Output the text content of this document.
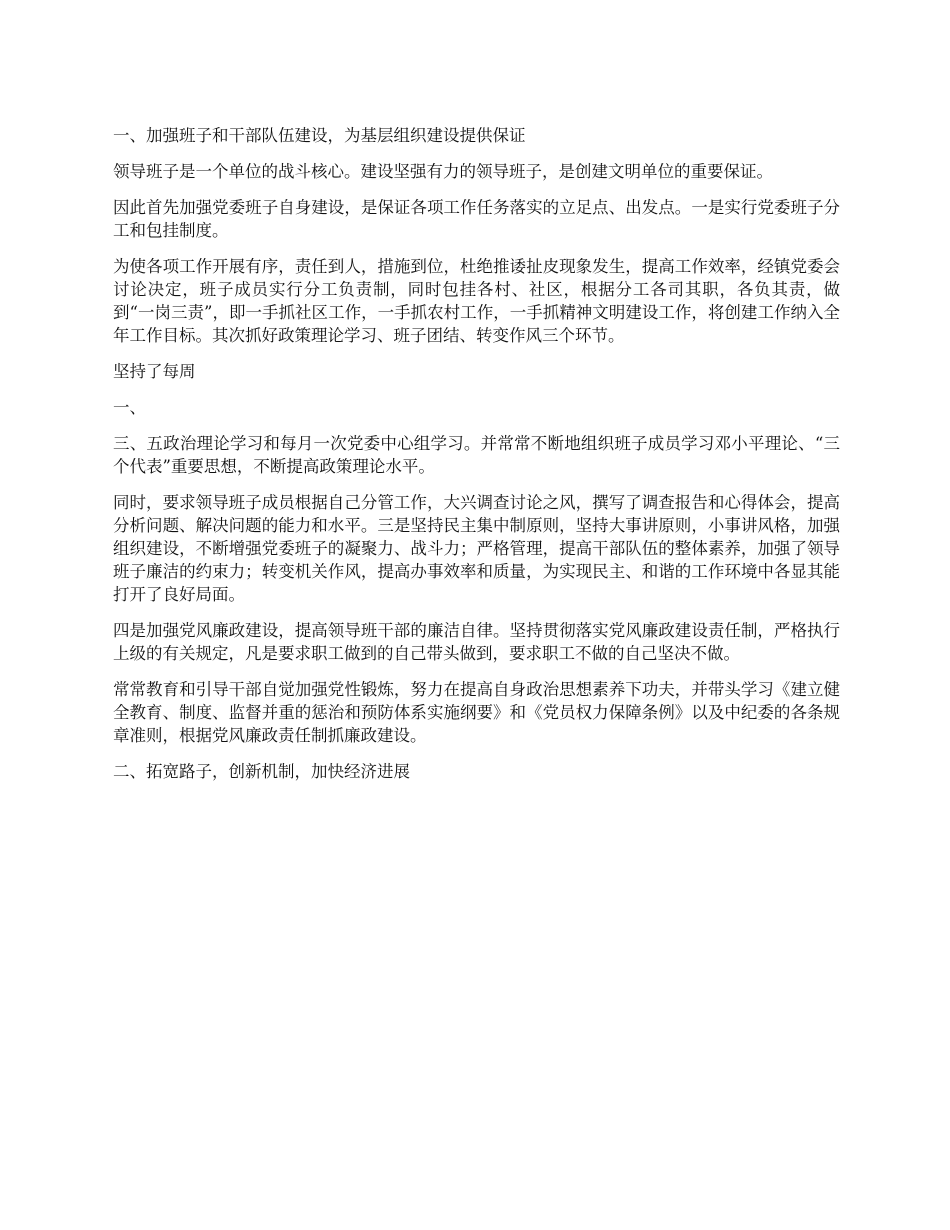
一、加强班子和干部队伍建设，为基层组织建设提供保证

领导班子是一个单位的战斗核心。建设坚强有力的领导班子，是创建文明单位的重要保证。

因此首先加强党委班子自身建设，是保证各项工作任务落实的立足点、出发点。一是实行党委班子分工和包挂制度。

为使各项工作开展有序，责任到人，措施到位，杜绝推诿扯皮现象发生，提高工作效率，经镇党委会讨论决定，班子成员实行分工负责制，同时包挂各村、社区，根据分工各司其职，各负其责，做到“一岗三责”，即一手抓社区工作，一手抓农村工作，一手抓精神文明建设工作，将创建工作纳入全年工作目标。其次抓好政策理论学习、班子团结、转变作风三个环节。

坚持了每周

一、

三、五政治理论学习和每月一次党委中心组学习。并常常不断地组织班子成员学习邓小平理论、“三个代表”重要思想，不断提高政策理论水平。

同时，要求领导班子成员根据自己分管工作，大兴调查讨论之风，撰写了调查报告和心得体会，提高分析问题、解决问题的能力和水平。三是坚持民主集中制原则，坚持大事讲原则，小事讲风格，加强组织建设，不断增强党委班子的凝聚力、战斗力；严格管理，提高干部队伍的整体素养，加强了领导班子廉洁的约束力；转变机关作风，提高办事效率和质量，为实现民主、和谐的工作环境中各显其能打开了良好局面。

四是加强党风廉政建设，提高领导班干部的廉洁自律。坚持贯彻落实党风廉政建设责任制，严格执行上级的有关规定，凡是要求职工做到的自己带头做到，要求职工不做的自己坚决不做。

常常教育和引导干部自觉加强党性锻炼，努力在提高自身政治思想素养下功夫，并带头学习《建立健全教育、制度、监督并重的惩治和预防体系实施纲要》和《党员权力保障条例》以及中纪委的各条规章准则，根据党风廉政责任制抓廉政建设。

二、拓宽路子，创新机制，加快经济进展
